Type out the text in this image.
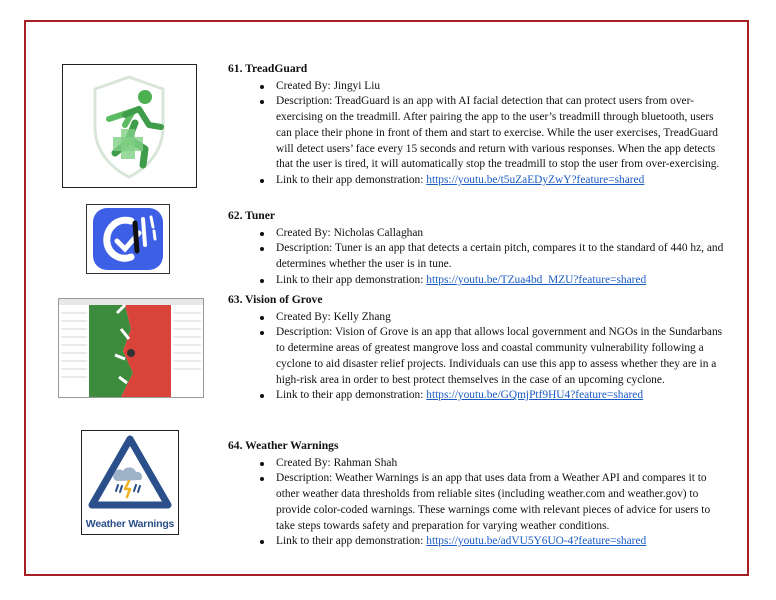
Weather Warnings
61. TreadGuard
Created By: Jingyi Liu
Description: TreadGuard is an app with AI facial detection that can protect users from over-exercising on the treadmill. After pairing the app to the user’s treadmill through bluetooth, users can place their phone in front of them and start to exercise. While the user exercises, TreadGuard will detect users’ face every 15 seconds and return with various responses. When the app detects that the user is tired, it will automatically stop the treadmill to stop the user from over-exercising.
Link to their app demonstration: https://youtu.be/t5uZaEDyZwY?feature=shared
62. Tuner
Created By: Nicholas Callaghan
Description: Tuner is an app that detects a certain pitch, compares it to the standard of 440 hz, and determines whether the user is in tune.
Link to their app demonstration: https://youtu.be/TZua4bd_MZU?feature=shared
63. Vision of Grove
Created By: Kelly Zhang
Description: Vision of Grove is an app that allows local government and NGOs in the Sundarbans to determine areas of greatest mangrove loss and coastal community vulnerability following a cyclone to aid disaster relief projects. Individuals can use this app to assess whether they are in a high-risk area in order to best protect themselves in the case of an upcoming cyclone.
Link to their app demonstration: https://youtu.be/GQmjPtf9HU4?feature=shared
64. Weather Warnings
Created By: Rahman Shah
Description: Weather Warnings is an app that uses data from a Weather API and compares it to other weather data thresholds from reliable sites (including weather.com and weather.gov) to provide color-coded warnings. These warnings come with relevant pieces of advice for users to take steps towards safety and preparation for varying weather conditions.
Link to their app demonstration: https://youtu.be/adVU5Y6UO-4?feature=shared
